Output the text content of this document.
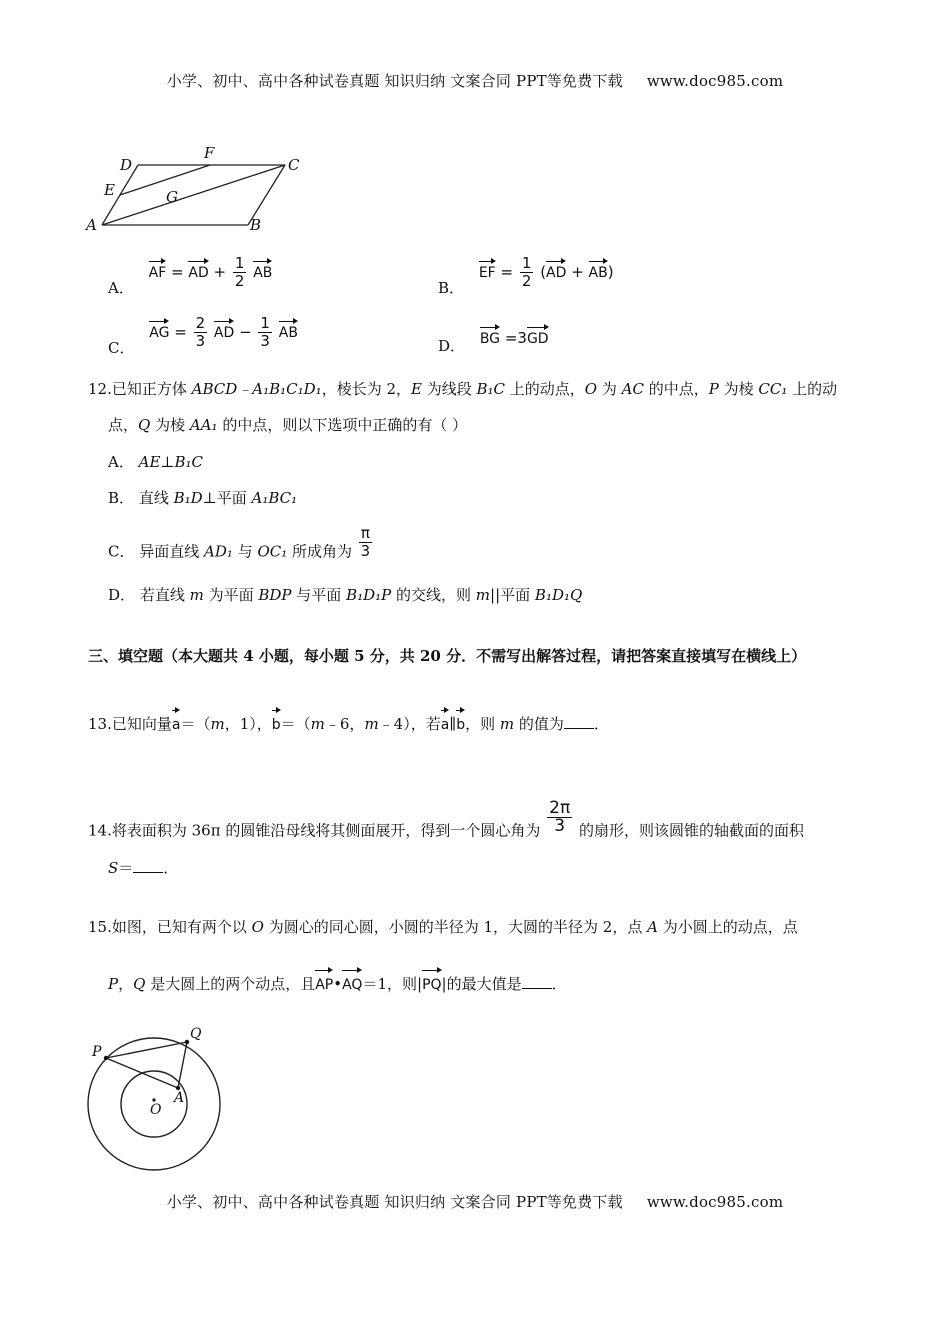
小学、初中、高中各种试卷真题 知识归纳 文案合同 PPT等免费下载 www.doc985.com
D
F
C
E	G
A	B
A． AF = AD + $\frac{1}{2}$ AB
B． EF = $\frac{1}{2} (AD + AB)$
C． AG = $\frac{2}{3}$ AD − $\frac{1}{3}$ AB
D． BG =3GD
12.已知正方体 ABCD﹣A₁B₁C₁D₁，棱长为 2，E 为线段 B₁C 上的动点，O 为 AC 的中点，P 为棱 CC₁ 上的动
点，Q 为棱 AA₁ 的中点，则以下选项中正确的有（ ）
A． AE⊥B₁C
B． 直线 B₁D⊥平面 A₁BC₁
C． 异面直线 AD₁ 与 OC₁ 所成角为 $\frac{\pi}{3}$
D． 若直线 m 为平面 BDP 与平面 B₁D₁P 的交线，则 m||平面 B₁D₁Q
三、填空题（本大题共 4 小题，每小题 5 分，共 20 分．不需写出解答过程，请把答案直接填写在横线上）
13.已知向量a＝（m，1），b＝（m﹣6，m﹣4），若a∥b，则 m 的值为 ．
14.将表面积为 36π 的圆锥沿母线将其侧面展开，得到一个圆心角为 $\frac{2\pi}{3}$ 的扇形，则该圆锥的轴截面的面积
S＝ ．
15.如图，已知有两个以 O 为圆心的同心圆，小圆的半径为 1，大圆的半径为 2，点 A 为小圆上的动点，点
P，Q 是大圆上的两个动点，且AP•AQ＝1，则|PQ|的最大值是 ．
P
Q
A
O
小学、初中、高中各种试卷真题 知识归纳 文案合同 PPT等免费下载 www.doc985.com
